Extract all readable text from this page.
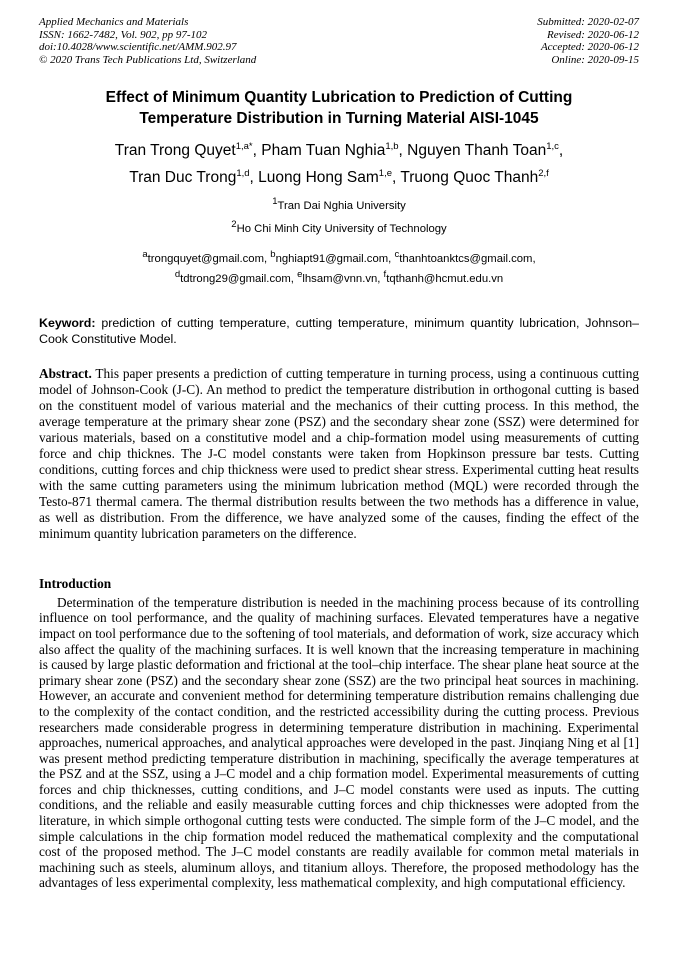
Applied Mechanics and Materials
ISSN: 1662-7482, Vol. 902, pp 97-102
doi:10.4028/www.scientific.net/AMM.902.97
© 2020 Trans Tech Publications Ltd, Switzerland
Submitted: 2020-02-07
Revised: 2020-06-12
Accepted: 2020-06-12
Online: 2020-09-15
Effect of Minimum Quantity Lubrication to Prediction of Cutting Temperature Distribution in Turning Material AISI-1045
Tran Trong Quyet$^{1,a*}$, Pham Tuan Nghia$^{1,b}$, Nguyen Thanh Toan$^{1,c}$,
Tran Duc Trong$^{1,d}$, Luong Hong Sam$^{1,e}$, Truong Quoc Thanh$^{2,f}$
$^1$Tran Dai Nghia University
$^2$Ho Chi Minh City University of Technology
$^a$trongquyet@gmail.com, $^b$nghiapt91@gmail.com, $^c$thanhtoanktcs@gmail.com,
$^d$tdtrong29@gmail.com, $^e$lhsam@vnn.vn, $^f$tqthanh@hcmut.edu.vn

Keyword: prediction of cutting temperature, cutting temperature, minimum quantity lubrication, Johnson–Cook Constitutive Model.

Abstract. This paper presents a prediction of cutting temperature in turning process, using a continuous cutting model of Johnson-Cook (J-C). An method to predict the temperature distribution in orthogonal cutting is based on the constituent model of various material and the mechanics of their cutting process. In this method, the average temperature at the primary shear zone (PSZ) and the secondary shear zone (SSZ) were determined for various materials, based on a constitutive model and a chip-formation model using measurements of cutting force and chip thicknes. The J-C model constants were taken from Hopkinson pressure bar tests. Cutting conditions, cutting forces and chip thickness were used to predict shear stress. Experimental cutting heat results with the same cutting parameters using the minimum lubrication method (MQL) were recorded through the Testo-871 thermal camera. The thermal distribution results between the two methods has a difference in value, as well as distribution. From the difference, we have analyzed some of the causes, finding the effect of the minimum quantity lubrication parameters on the difference.

Introduction

Determination of the temperature distribution is needed in the machining process because of its controlling influence on tool performance, and the quality of machining surfaces. Elevated temperatures have a negative impact on tool performance due to the softening of tool materials, and deformation of work, size accuracy which also affect the quality of the machining surfaces. It is well known that the increasing temperature in machining is caused by large plastic deformation and frictional at the tool–chip interface. The shear plane heat source at the primary shear zone (PSZ) and the secondary shear zone (SSZ) are the two principal heat sources in machining. However, an accurate and convenient method for determining temperature distribution remains challenging due to the complexity of the contact condition, and the restricted accessibility during the cutting process. Previous researchers made considerable progress in determining temperature distribution in machining. Experimental approaches, numerical approaches, and analytical approaches were developed in the past. Jinqiang Ning et al [1] was present method predicting temperature distribution in machining, specifically the average temperatures at the PSZ and at the SSZ, using a J–C model and a chip formation model. Experimental measurements of cutting forces and chip thicknesses, cutting conditions, and J–C model constants were used as inputs. The cutting conditions, and the reliable and easily measurable cutting forces and chip thicknesses were adopted from the literature, in which simple orthogonal cutting tests were conducted. The simple form of the J–C model, and the simple calculations in the chip formation model reduced the mathematical complexity and the computational cost of the proposed method. The J–C model constants are readily available for common metal materials in machining such as steels, aluminum alloys, and titanium alloys. Therefore, the proposed methodology has the advantages of less experimental complexity, less mathematical complexity, and high computational efficiency.
